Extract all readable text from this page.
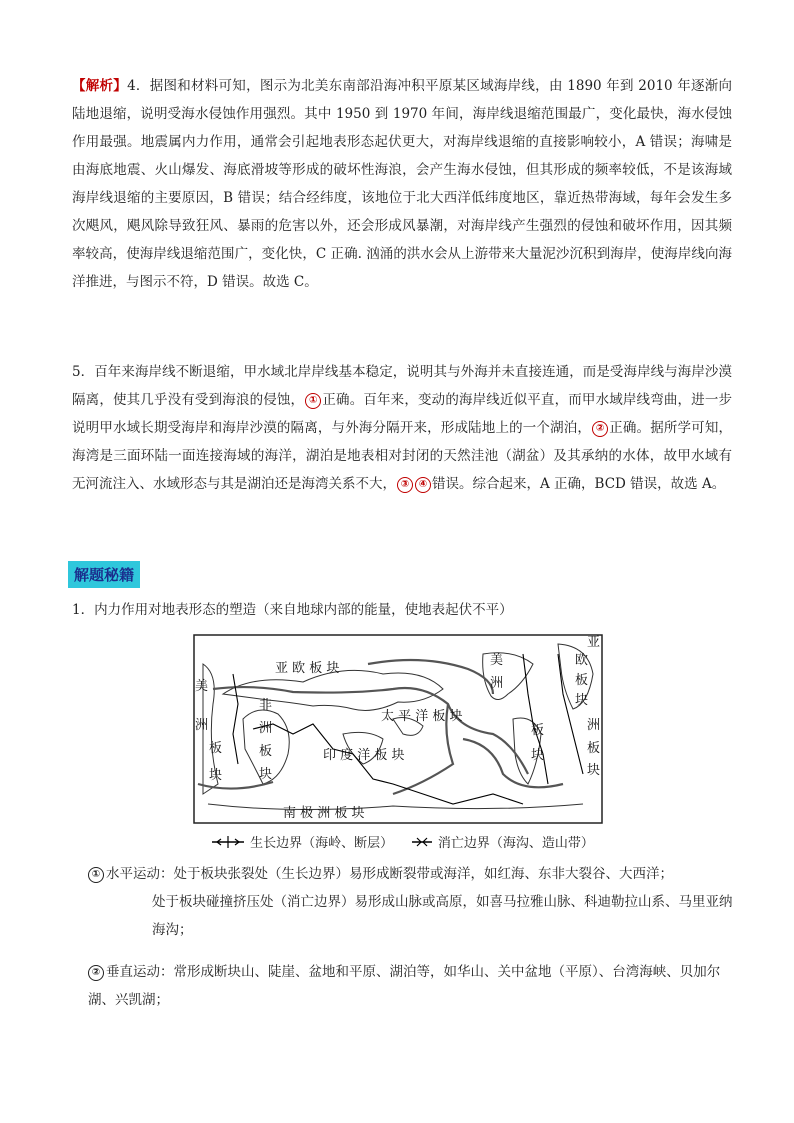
【解析】4．据图和材料可知，图示为北美东南部沿海冲积平原某区域海岸线，由 1890 年到 2010 年逐渐向陆地退缩，说明受海水侵蚀作用强烈。其中 1950 到 1970 年间，海岸线退缩范围最广，变化最快，海水侵蚀作用最强。地震属内力作用，通常会引起地表形态起伏更大，对海岸线退缩的直接影响较小，A 错误；海啸是由海底地震、火山爆发、海底滑坡等形成的破坏性海浪，会产生海水侵蚀，但其形成的频率较低，不是该海域海岸线退缩的主要原因，B 错误；结合经纬度，该地位于北大西洋低纬度地区，靠近热带海域，每年会发生多次飓风，飓风除导致狂风、暴雨的危害以外，还会形成风暴潮，对海岸线产生强烈的侵蚀和破坏作用，因其频率较高，使海岸线退缩范围广，变化快，C 正确. 汹涌的洪水会从上游带来大量泥沙沉积到海岸，使海岸线向海洋推进，与图示不符，D 错误。故选 C。

5．百年来海岸线不断退缩，甲水域北岸岸线基本稳定，说明其与外海并未直接连通，而是受海岸线与海岸沙漠隔离，使其几乎没有受到海浪的侵蚀， ① 正确。百年来，变动的海岸线近似平直，而甲水域岸线弯曲，进一步说明甲水域长期受海岸和海岸沙漠的隔离，与外海分隔开来，形成陆地上的一个湖泊， ② 正确。据所学可知，海湾是三面环陆一面连接海域的海洋，湖泊是地表相对封闭的天然洼池（湖盆）及其承纳的水体，故甲水域有无河流注入、水域形态与其是湖泊还是海湾关系不大， ③ ④ 错误。综合起来，A 正确，BCD 错误，故选 A。

解题秘籍

1．内力作用对地表形态的塑造（来自地球内部的能量，使地表起伏不平）

亚 欧 板 块
非
洲
板
块
太 平 洋 板 块
印 度 洋 板 块
南 极 洲 板 块
美
洲
板
块
美
洲
板
块
亚
欧
板
块
洲
板
块
生长边界（海岭、断层）	消亡边界（海沟、造山带）
① 水平运动：处于板块张裂处（生长边界）易形成断裂带或海洋，如红海、东非大裂谷、大西洋；
处于板块碰撞挤压处（消亡边界）易形成山脉或高原，如喜马拉雅山脉、科迪勒拉山系、马里亚纳海沟；
② 垂直运动：常形成断块山、陡崖、盆地和平原、湖泊等，如华山、关中盆地（平原）、台湾海峡、贝加尔湖、兴凯湖；
